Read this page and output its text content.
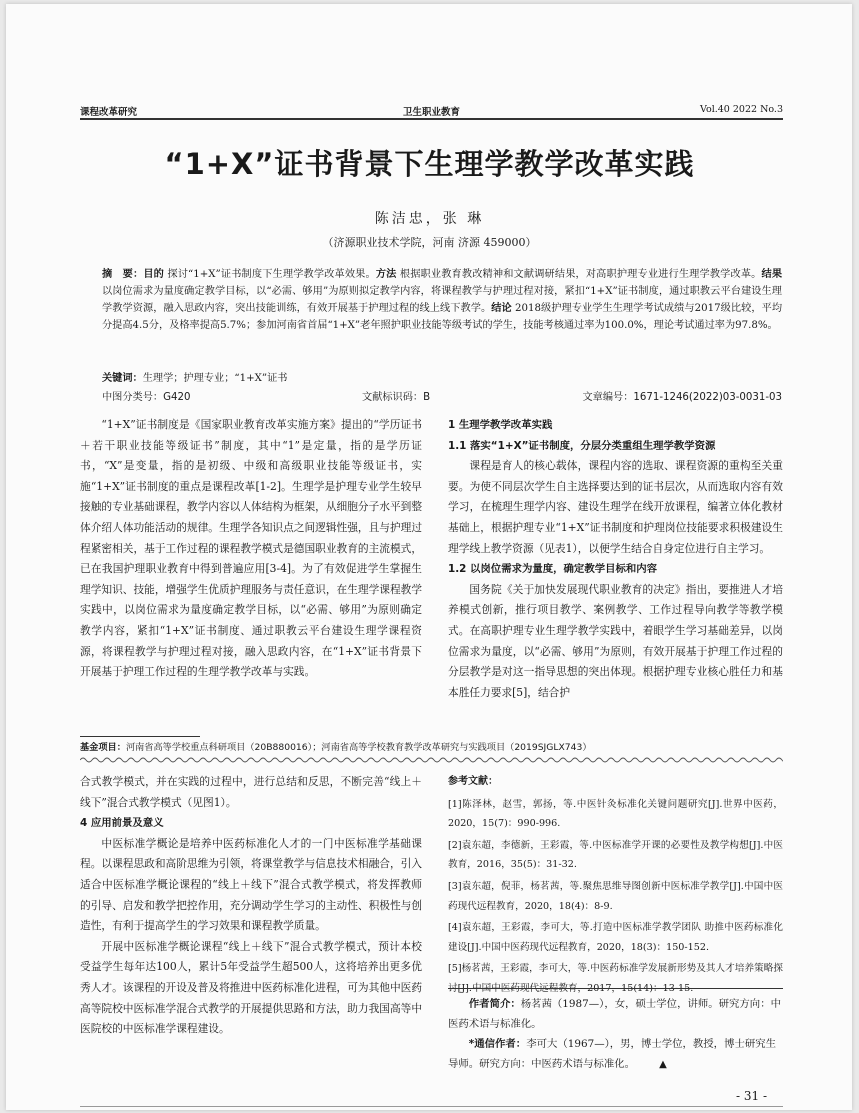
课程改革研究	卫生职业教育	Vol.40 2022 No.3
“1+X”证书背景下生理学教学改革实践
陈洁忠，张 琳
（济源职业技术学院，河南 济源 459000）
摘　要：目的 探讨“1+X”证书制度下生理学教学改革效果。方法 根据职业教育教改精神和文献调研结果，对高职护理专业进行生理学教学改革。结果 以岗位需求为量度确定教学目标，以“必需、够用”为原则拟定教学内容，将课程教学与护理过程对接，紧扣“1+X”证书制度，通过职教云平台建设生理学教学资源，融入思政内容，突出技能训练，有效开展基于护理过程的线上线下教学。结论 2018级护理专业学生生理学考试成绩与2017级比较，平均分提高4.5分，及格率提高5.7%；参加河南省首届“1+X”老年照护职业技能等级考试的学生，技能考核通过率为100.0%，理论考试通过率为97.8%。
关键词：生理学；护理专业；“1+X”证书
中图分类号：G420	文献标识码：B	文章编号：1671-1246(2022)03-0031-03
“1+X”证书制度是《国家职业教育改革实施方案》提出的“学历证书＋若干职业技能等级证书”制度，其中“1”是定量，指的是学历证书，“X”是变量，指的是初级、中级和高级职业技能等级证书，实施“1+X”证书制度的重点是课程改革[1-2]。生理学是护理专业学生较早接触的专业基础课程，教学内容以人体结构为框架，从细胞分子水平到整体介绍人体功能活动的规律。生理学各知识点之间逻辑性强，且与护理过程紧密相关，基于工作过程的课程教学模式是德国职业教育的主流模式，已在我国护理职业教育中得到普遍应用[3-4]。为了有效促进学生掌握生理学知识、技能，增强学生优质护理服务与责任意识，在生理学课程教学实践中，以岗位需求为量度确定教学目标，以“必需、够用”为原则确定教学内容，紧扣“1+X”证书制度、通过职教云平台建设生理学课程资源，将课程教学与护理过程对接，融入思政内容，在“1+X”证书背景下开展基于护理工作过程的生理学教学改革与实践。
1 生理学教学改革实践
1.1 落实“1+X”证书制度，分层分类重组生理学教学资源
课程是育人的核心载体，课程内容的选取、课程资源的重构至关重要。为使不同层次学生自主选择要达到的证书层次，从而选取内容有效学习，在梳理生理学内容、建设生理学在线开放课程，编著立体化教材基础上，根据护理专业“1+X”证书制度和护理岗位技能要求积极建设生理学线上教学资源（见表1），以便学生结合自身定位进行自主学习。
1.2 以岗位需求为量度，确定教学目标和内容
国务院《关于加快发展现代职业教育的决定》指出，要推进人才培养模式创新，推行项目教学、案例教学、工作过程导向教学等教学模式。在高职护理专业生理学教学实践中，着眼学生学习基础差异，以岗位需求为量度，以“必需、够用”为原则，有效开展基于护理工作过程的分层教学是对这一指导思想的突出体现。根据护理专业核心胜任力和基本胜任力要求[5]，结合护
基金项目：河南省高等学校重点科研项目（20B880016）；河南省高等学校教育教学改革研究与实践项目（2019SJGLX743）
合式教学模式，并在实践的过程中，进行总结和反思，不断完善“线上＋线下”混合式教学模式（见图1）。
4 应用前景及意义
中医标准学概论是培养中医药标准化人才的一门中医标准学基础课程。以课程思政和高阶思维为引领，将课堂教学与信息技术相融合，引入适合中医标准学概论课程的“线上＋线下”混合式教学模式，将发挥教师的引导、启发和教学把控作用，充分调动学生学习的主动性、积极性与创造性，有利于提高学生的学习效果和课程教学质量。
开展中医标准学概论课程“线上＋线下”混合式教学模式，预计本校受益学生每年达100人，累计5年受益学生超500人，这将培养出更多优秀人才。该课程的开设及普及将推进中医药标准化进程，可为其他中医药高等院校中医标准学混合式教学的开展提供思路和方法，助力我国高等中医院校的中医标准学课程建设。
参考文献：
[1]陈泽林，赵雪，郭扬，等.中医针灸标准化关键问题研究[J].世界中医药，2020，15(7)：990-996.
[2]袁东超，李德新，王彩霞，等.中医标准学开课的必要性及教学构想[J].中医教育，2016，35(5)：31-32.
[3]袁东超，倪菲，杨茗茜，等.聚焦思维导图创新中医标准学教学[J].中国中医药现代远程教育，2020，18(4)：8-9.
[4]袁东超，王彩霞，李可大，等.打造中医标准学教学团队 助推中医药标准化建设[J].中国中医药现代远程教育，2020，18(3)：150-152.
[5]杨茗茜，王彩霞，李可大，等.中医药标准学发展新形势及其人才培养策略探讨[J].中国中医药现代远程教育，2017，15(14)：13-15.
作者简介：杨茗茜（1987—），女，硕士学位，讲师。研究方向：中医药术语与标准化。
*通信作者：李可大（1967—），男，博士学位，教授，博士研究生导师。研究方向：中医药术语与标准化。 ▲
- 31 -
